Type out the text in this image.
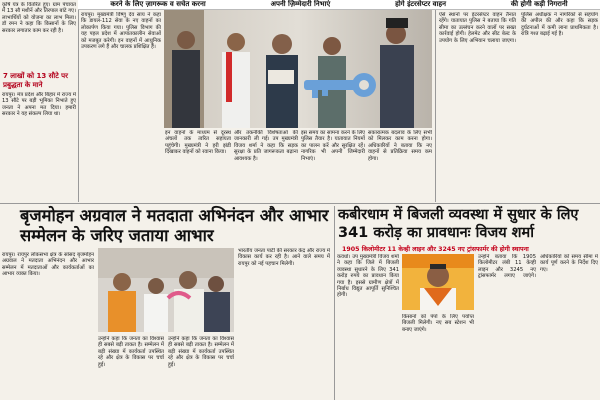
करने के लिए ज़ागरूक व सचेत करना	अपनी ज़िम्मेदारी निभाएं	होगे इंटरसेप्टर वाहन	की होगी कड़ी निगरानी

कृषि यंत्र के वितरित हुए। ग्राम पंचायत में 13 सौ मशीनें और तिरपाल बांटे गए। लाभार्थियों को योजना का लाभ मिला। डॉ रमन ने कहा कि किसानों के लिए सरकार लगातार काम कर रही है।

7 लाखों को 13 सौटे पर प्रबुद्धता के माने

रायपुर। मंत्र प्रदेश और बिहार में राज्य में 13 सौटे पर बड़ी भूमिका निभाते हुए जनता ने अपना मत दिया। हमारी सरकार ने यह संकल्प लिया था।

रायपुर। मुख्यमंत्री विष्णु देव साय ने कहा कि डायल-112 सेवा के नए वाहनों का लोकार्पण किया गया। पुलिस विभाग की यह पहल प्रदेश में आपातकालीन सेवाओं को मजबूत करेगी। इन वाहनों में आधुनिक उपकरण लगे हैं और चालक प्रशिक्षित हैं।

इन वाहनों के माध्यम से दूरस्थ अंचलों तक त्वरित सहायता पहुंचेगी। मुख्यमंत्री ने हरी झंडी दिखाकर वाहनों को रवाना किया।

और तकनीकी विशेषताओं की जानकारी ली गई। उप मुख्यमंत्री विजय शर्मा ने कहा कि सड़क सुरक्षा के प्रति जागरूकता बढ़ाना आवश्यक है।

इस समय का सामना करने के लिए पुलिस तैयार है। यातायात नियमों का पालन करें और सुरक्षित रहें। नागरिक भी अपनी जिम्मेदारी निभाएं।

सकारात्मक बदलाव के लिए सभी को मिलकर काम करना होगा। अधिकारियों ने बताया कि नए वाहनों से प्रतिक्रिया समय कम होगा।

ऐसे स्थानों पर इंटरसेप्टर वाहन तैनात रहेंगे। यातायात पुलिस ने बताया कि गति सीमा का उल्लंघन करने वालों पर सख्त कार्रवाई होगी। हेलमेट और सीट बेल्ट के उपयोग के लिए अभियान चलाया जाएगा। पुलिस अधीक्षक ने नागरिकों से सहयोग की अपील की और कहा कि सड़क दुर्घटनाओं में कमी लाना प्राथमिकता है। रात्रि गश्त बढ़ाई गई है।

बृजमोहन अग्रवाल ने मतदाता अभिनंदन और आभार सम्मेलन के जरिए जताया आभार

रायपुर। रायपुर लोकसभा क्षेत्र के सांसद बृजमोहन अग्रवाल ने मतदाता अभिनंदन और आभार सम्मेलन में मतदाताओं और कार्यकर्ताओं का आभार व्यक्त किया।

उन्होंने कहा कि जनता का विश्वास ही सबसे बड़ी ताकत है। सम्मेलन में बड़ी संख्या में कार्यकर्ता उपस्थित रहे और क्षेत्र के विकास पर चर्चा हुई।

उन्होंने कहा कि जनता का विश्वास ही सबसे बड़ी ताकत है। सम्मेलन में बड़ी संख्या में कार्यकर्ता उपस्थित रहे और क्षेत्र के विकास पर चर्चा हुई।

भारतीय जनता पार्टी की सरकार केंद्र और राज्य में विकास कार्य कर रही है। आने वाले समय में रायपुर को नई पहचान मिलेगी।

कबीरधाम में बिजली व्यवस्था में सुधार के लिए 341 करोड़ का प्रावधानः विजय शर्मा
1905 किलोमीटर 11 केव्ही लाइन और 3245 नए ट्रांसफार्मर की होगी स्थापना

कवर्धा। उप मुख्यमंत्री विजय शर्मा ने कहा कि जिले में बिजली व्यवस्था सुधारने के लिए 341 करोड़ रुपये का प्रावधान किया गया है। इससे ग्रामीण क्षेत्रों में निर्बाध विद्युत आपूर्ति सुनिश्चित होगी।

किसानों को पंपों के लिए पर्याप्त बिजली मिलेगी। नए सब स्टेशन भी बनाए जाएंगे।

उन्होंने बताया कि 1905 किलोमीटर लंबी 11 केव्ही लाइन और 3245 नए ट्रांसफार्मर लगाए जाएंगे। अधिकारियों को समय सीमा में कार्य पूर्ण करने के निर्देश दिए गए।
